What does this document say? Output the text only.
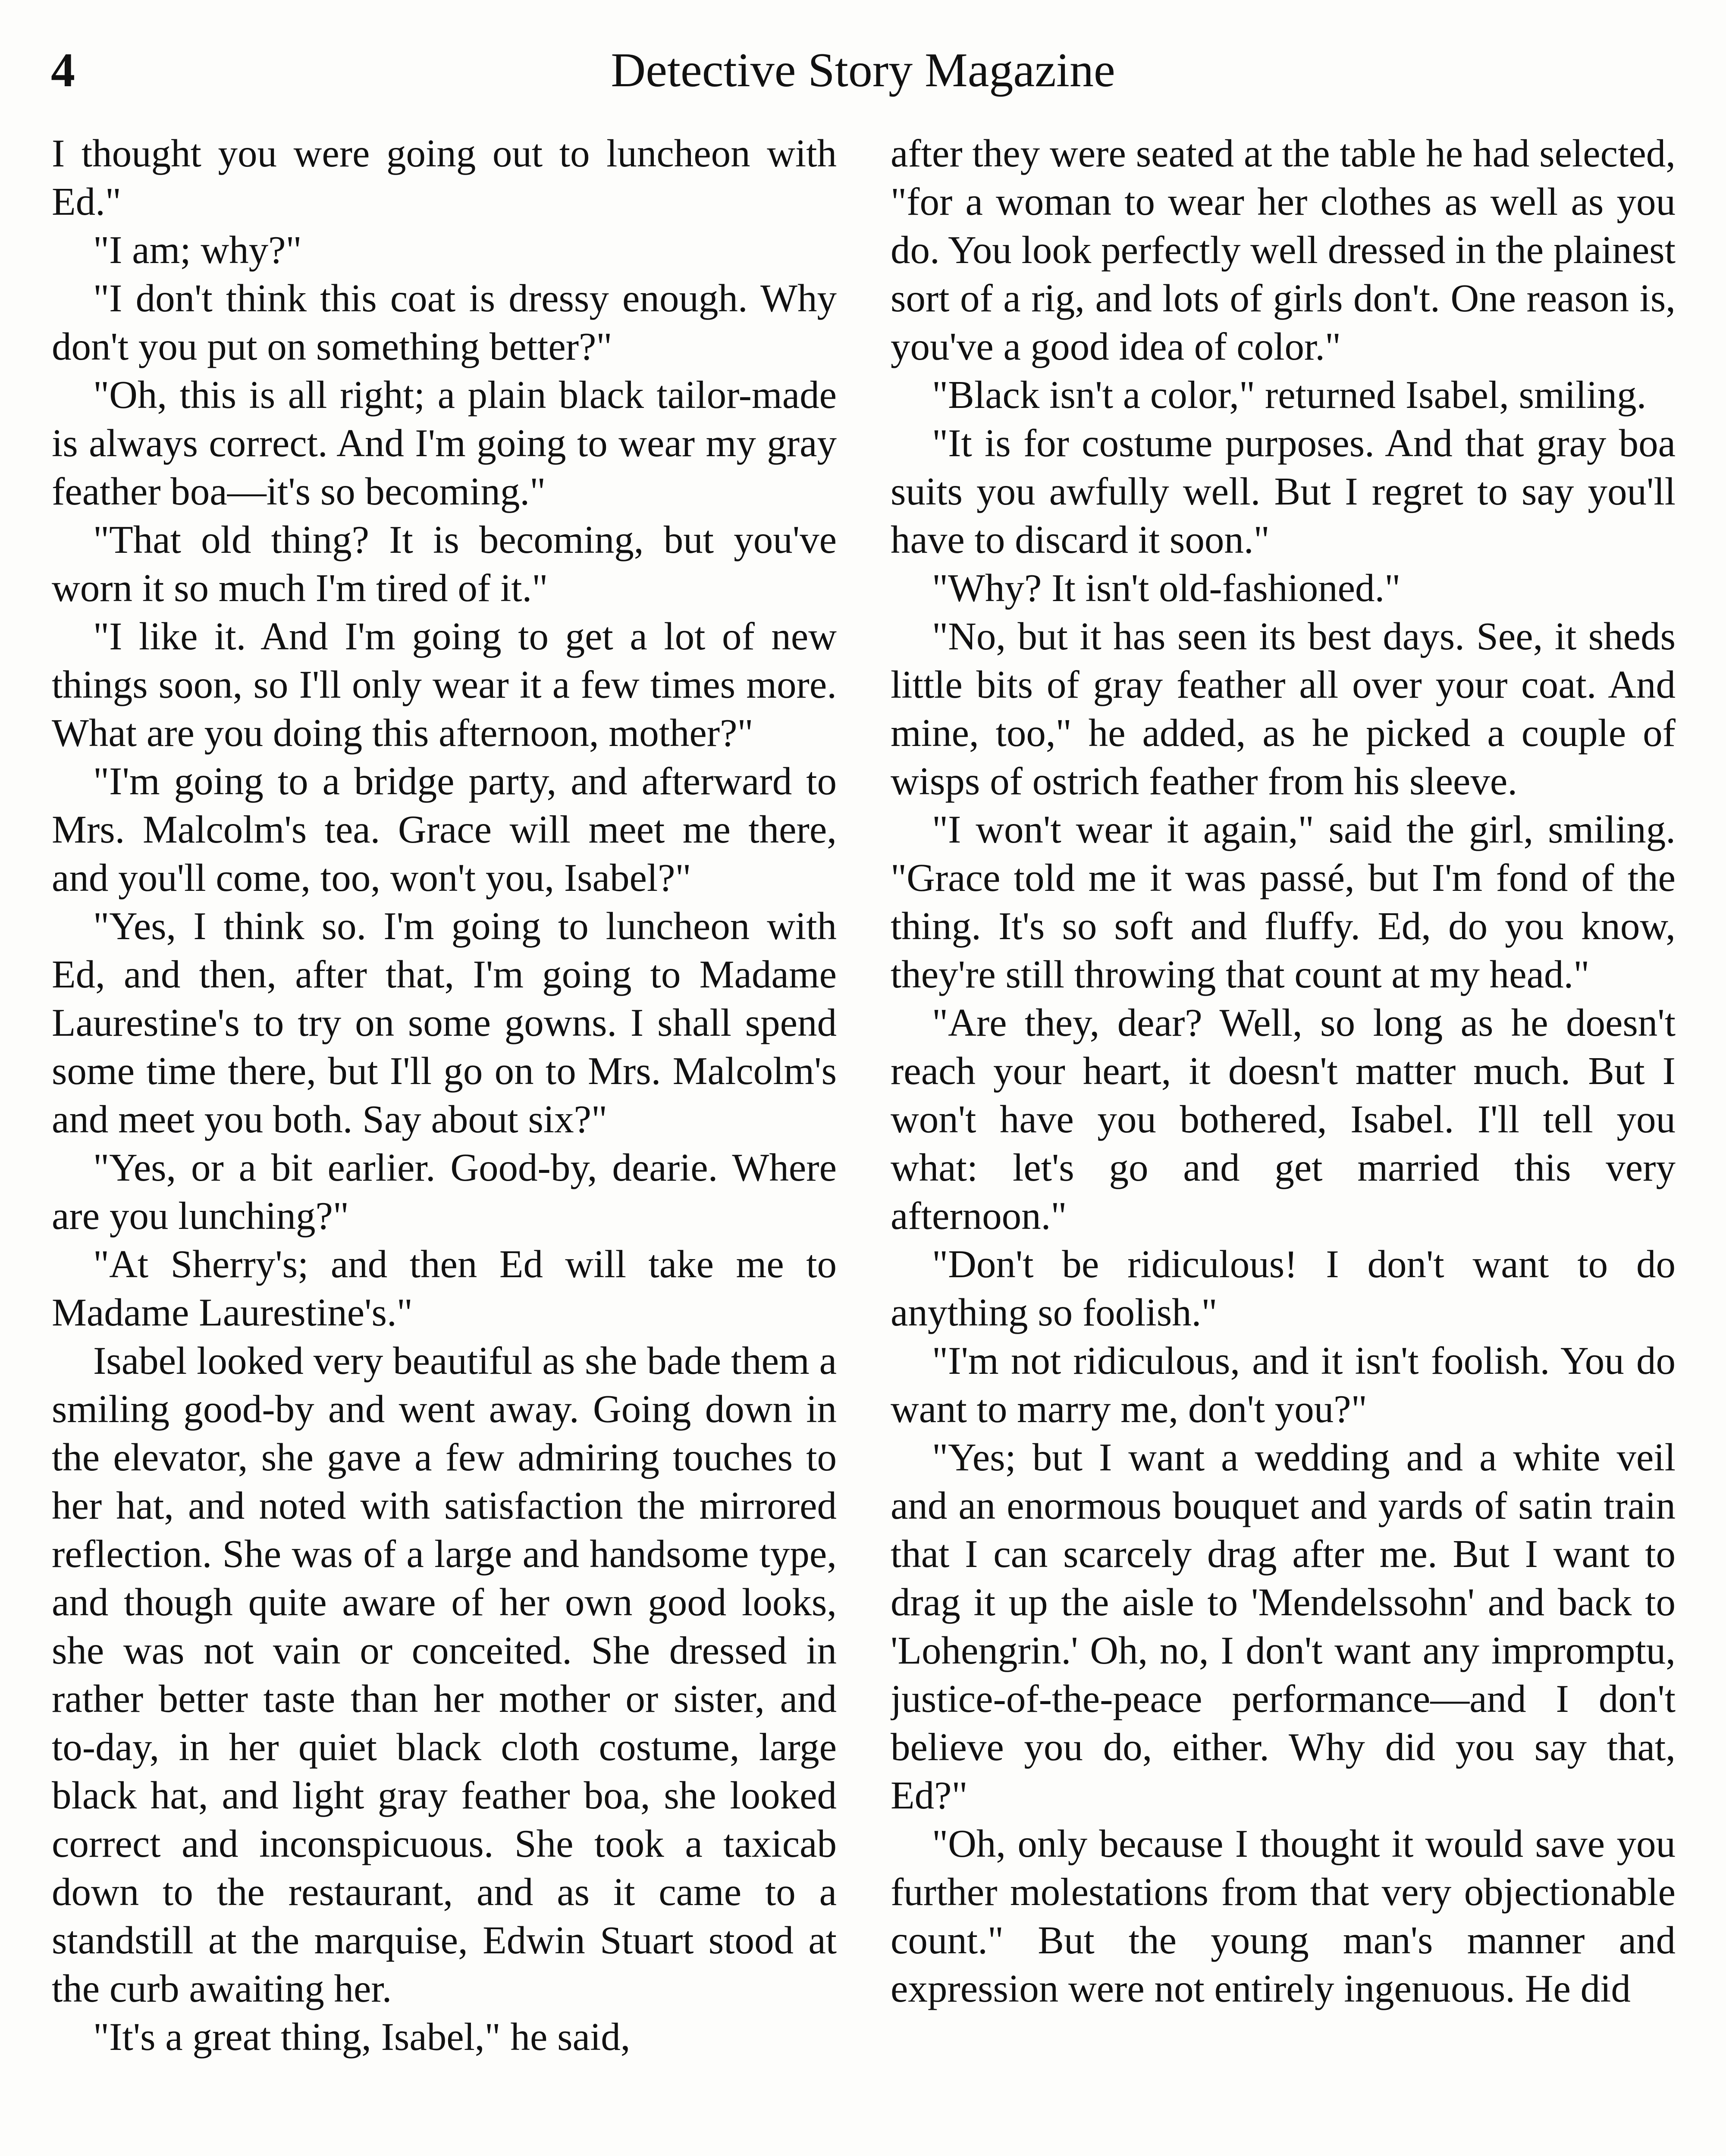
4	Detective Story Magazine

I thought you were going out to luncheon with Ed."

"I am; why?"

"I don't think this coat is dressy enough. Why don't you put on something better?"

"Oh, this is all right; a plain black tailor-made is always correct. And I'm going to wear my gray feather boa—it's so becoming."

"That old thing? It is becoming, but you've worn it so much I'm tired of it."

"I like it. And I'm going to get a lot of new things soon, so I'll only wear it a few times more. What are you doing this afternoon, mother?"

"I'm going to a bridge party, and afterward to Mrs. Malcolm's tea. Grace will meet me there, and you'll come, too, won't you, Isabel?"

"Yes, I think so. I'm going to luncheon with Ed, and then, after that, I'm going to Madame Laurestine's to try on some gowns. I shall spend some time there, but I'll go on to Mrs. Malcolm's and meet you both. Say about six?"

"Yes, or a bit earlier. Good-by, dearie. Where are you lunching?"

"At Sherry's; and then Ed will take me to Madame Laurestine's."

Isabel looked very beautiful as she bade them a smiling good-by and went away. Going down in the elevator, she gave a few admiring touches to her hat, and noted with satisfaction the mirrored reflection. She was of a large and handsome type, and though quite aware of her own good looks, she was not vain or conceited. She dressed in rather better taste than her mother or sister, and to-day, in her quiet black cloth costume, large black hat, and light gray feather boa, she looked correct and inconspicuous. She took a taxicab down to the restaurant, and as it came to a standstill at the marquise, Edwin Stuart stood at the curb awaiting her.

"It's a great thing, Isabel," he said,

after they were seated at the table he had selected, "for a woman to wear her clothes as well as you do. You look perfectly well dressed in the plainest sort of a rig, and lots of girls don't. One reason is, you've a good idea of color."

"Black isn't a color," returned Isabel, smiling.

"It is for costume purposes. And that gray boa suits you awfully well. But I regret to say you'll have to discard it soon."

"Why? It isn't old-fashioned."

"No, but it has seen its best days. See, it sheds little bits of gray feather all over your coat. And mine, too," he added, as he picked a couple of wisps of ostrich feather from his sleeve.

"I won't wear it again," said the girl, smiling. "Grace told me it was passé, but I'm fond of the thing. It's so soft and fluffy. Ed, do you know, they're still throwing that count at my head."

"Are they, dear? Well, so long as he doesn't reach your heart, it doesn't matter much. But I won't have you bothered, Isabel. I'll tell you what: let's go and get married this very afternoon."

"Don't be ridiculous! I don't want to do anything so foolish."

"I'm not ridiculous, and it isn't foolish. You do want to marry me, don't you?"

"Yes; but I want a wedding and a white veil and an enormous bouquet and yards of satin train that I can scarcely drag after me. But I want to drag it up the aisle to 'Mendelssohn' and back to 'Lohengrin.' Oh, no, I don't want any impromptu, justice-of-the-peace performance—and I don't believe you do, either. Why did you say that, Ed?"

"Oh, only because I thought it would save you further molestations from that very objectionable count." But the young man's manner and expression were not entirely ingenuous. He did
